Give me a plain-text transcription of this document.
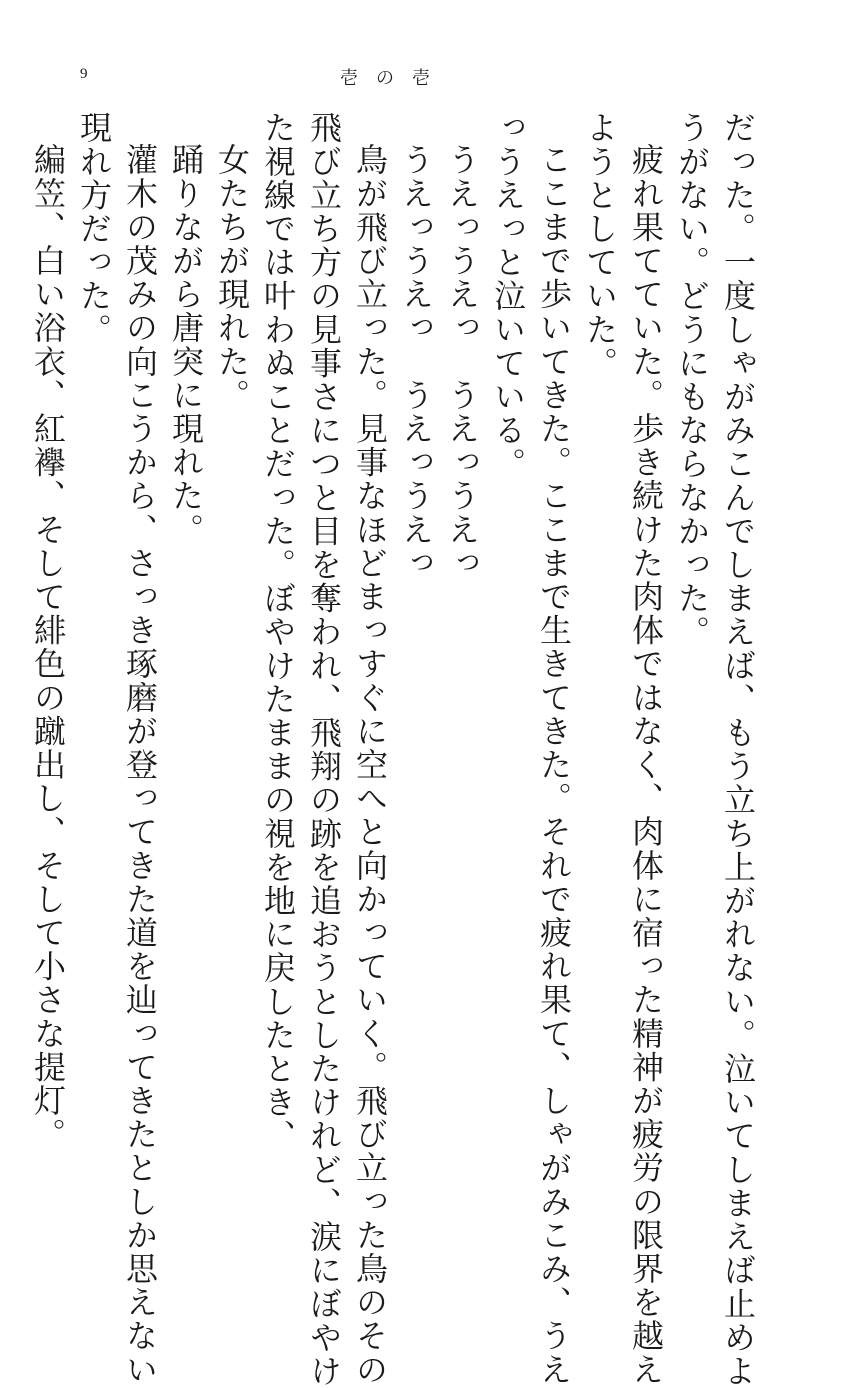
9	壱の壱
だった。一度しゃがみこんでしまえば、もう立ち上がれない。泣いてしまえば止めよ
うがない。どうにもならなかった。
疲れ果てていた。歩き続けた肉体ではなく、肉体に宿った精神が疲労の限界を越え
ようとしていた。
ここまで歩いてきた。ここまで生きてきた。それで疲れ果て、しゃがみこみ、うえ
っうえっと泣いている。
うえっうえっ　うえっうえっ
うえっうえっ　うえっうえっ
鳥が飛び立った。見事なほどまっすぐに空へと向かっていく。飛び立った鳥のその
飛び立ち方の見事さにつと目を奪われ、飛翔の跡を追おうとしたけれど、涙にぼやけ
た視線では叶わぬことだった。ぼやけたままの視を地に戻したとき、
女たちが現れた。
踊りながら唐突に現れた。
灌木の茂みの向こうから、さっき琢磨が登ってきた道を辿ってきたとしか思えない
現れ方だった。
編笠、白い浴衣、紅襷、そして緋色の蹴出し、そして小さな提灯。
